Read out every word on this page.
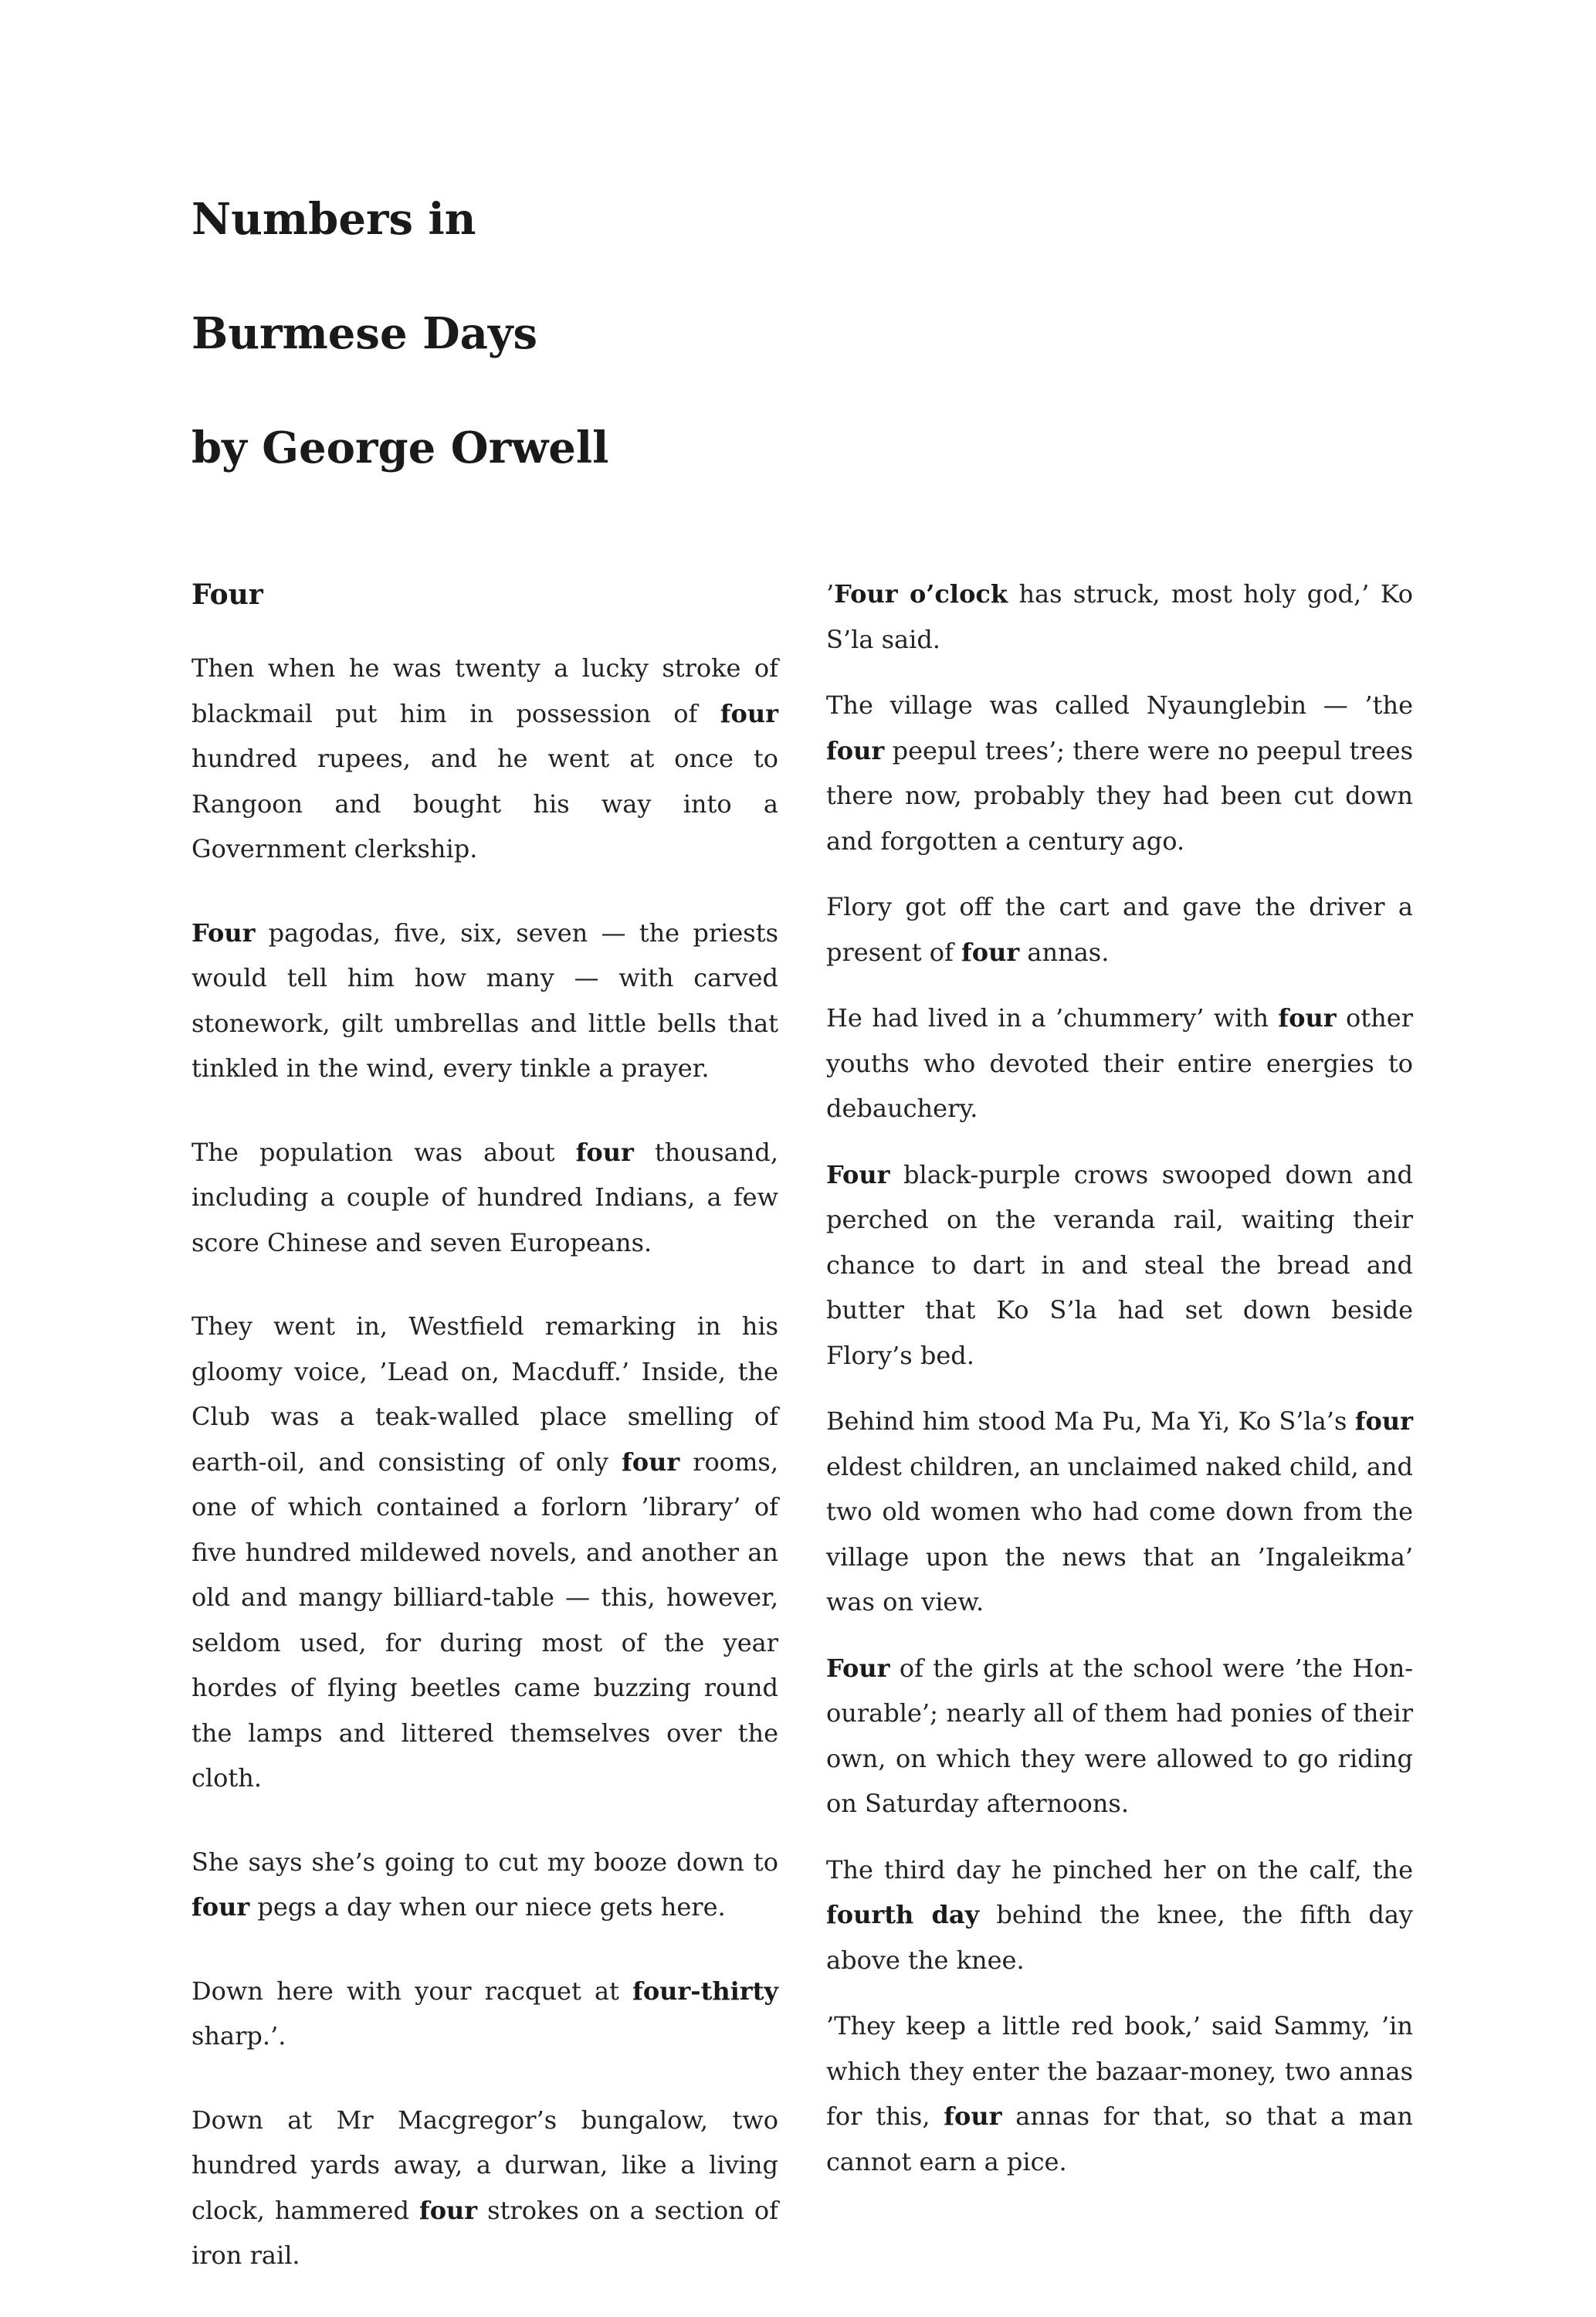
Numbers in
Burmese Days
by George Orwell
Four

Then when he was twenty a lucky stroke of blackmail put him in possession of four hundred rupees, and he went at once to Rangoon and bought his way into a Government clerkship.

Four pagodas, five, six, seven — the priests would tell him how many — with carved stonework, gilt umbrellas and little bells that tinkled in the wind, every tinkle a prayer.

The population was about four thousand, including a couple of hundred Indians, a few score Chinese and seven Europeans.

They went in, Westfield remarking in his gloomy voice, ’Lead on, Macduff.’ Inside, the Club was a teak-walled place smelling of earth-oil, and consisting of only four rooms, one of which contained a forlorn ’library’ of five hundred mildewed novels, and another an old and mangy billiard-table — this, however, seldom used, for during most of the year hordes of flying beetles came buzzing round the lamps and littered themselves over the cloth.

She says she’s going to cut my booze down to four pegs a day when our niece gets here.

Down here with your racquet at four-thirty sharp.’.

Down at Mr Macgregor’s bungalow, two hundred yards away, a durwan, like a living clock, hammered four strokes on a section of iron rail.

’Four o’clock has struck, most holy god,’ Ko S’la said.

The village was called Nyaunglebin — ’the four peepul trees’; there were no peepul trees there now, probably they had been cut down and forgotten a century ago.

Flory got off the cart and gave the driver a present of four annas.

He had lived in a ’chummery’ with four other youths who devoted their entire energies to debauchery.

Four black-purple crows swooped down and perched on the veranda rail, waiting their chance to dart in and steal the bread and butter that Ko S’la had set down beside Flory’s bed.

Behind him stood Ma Pu, Ma Yi, Ko S’la’s four eldest children, an unclaimed naked child, and two old women who had come down from the village upon the news that an ’Ingaleikma’ was on view.

Four of the girls at the school were ’the Honourable’; nearly all of them had ponies of their own, on which they were allowed to go riding on Saturday afternoons.

The third day he pinched her on the calf, the fourth day behind the knee, the fifth day above the knee.

’They keep a little red book,’ said Sammy, ’in which they enter the bazaar-money, two annas for this, four annas for that, so that a man cannot earn a pice.
